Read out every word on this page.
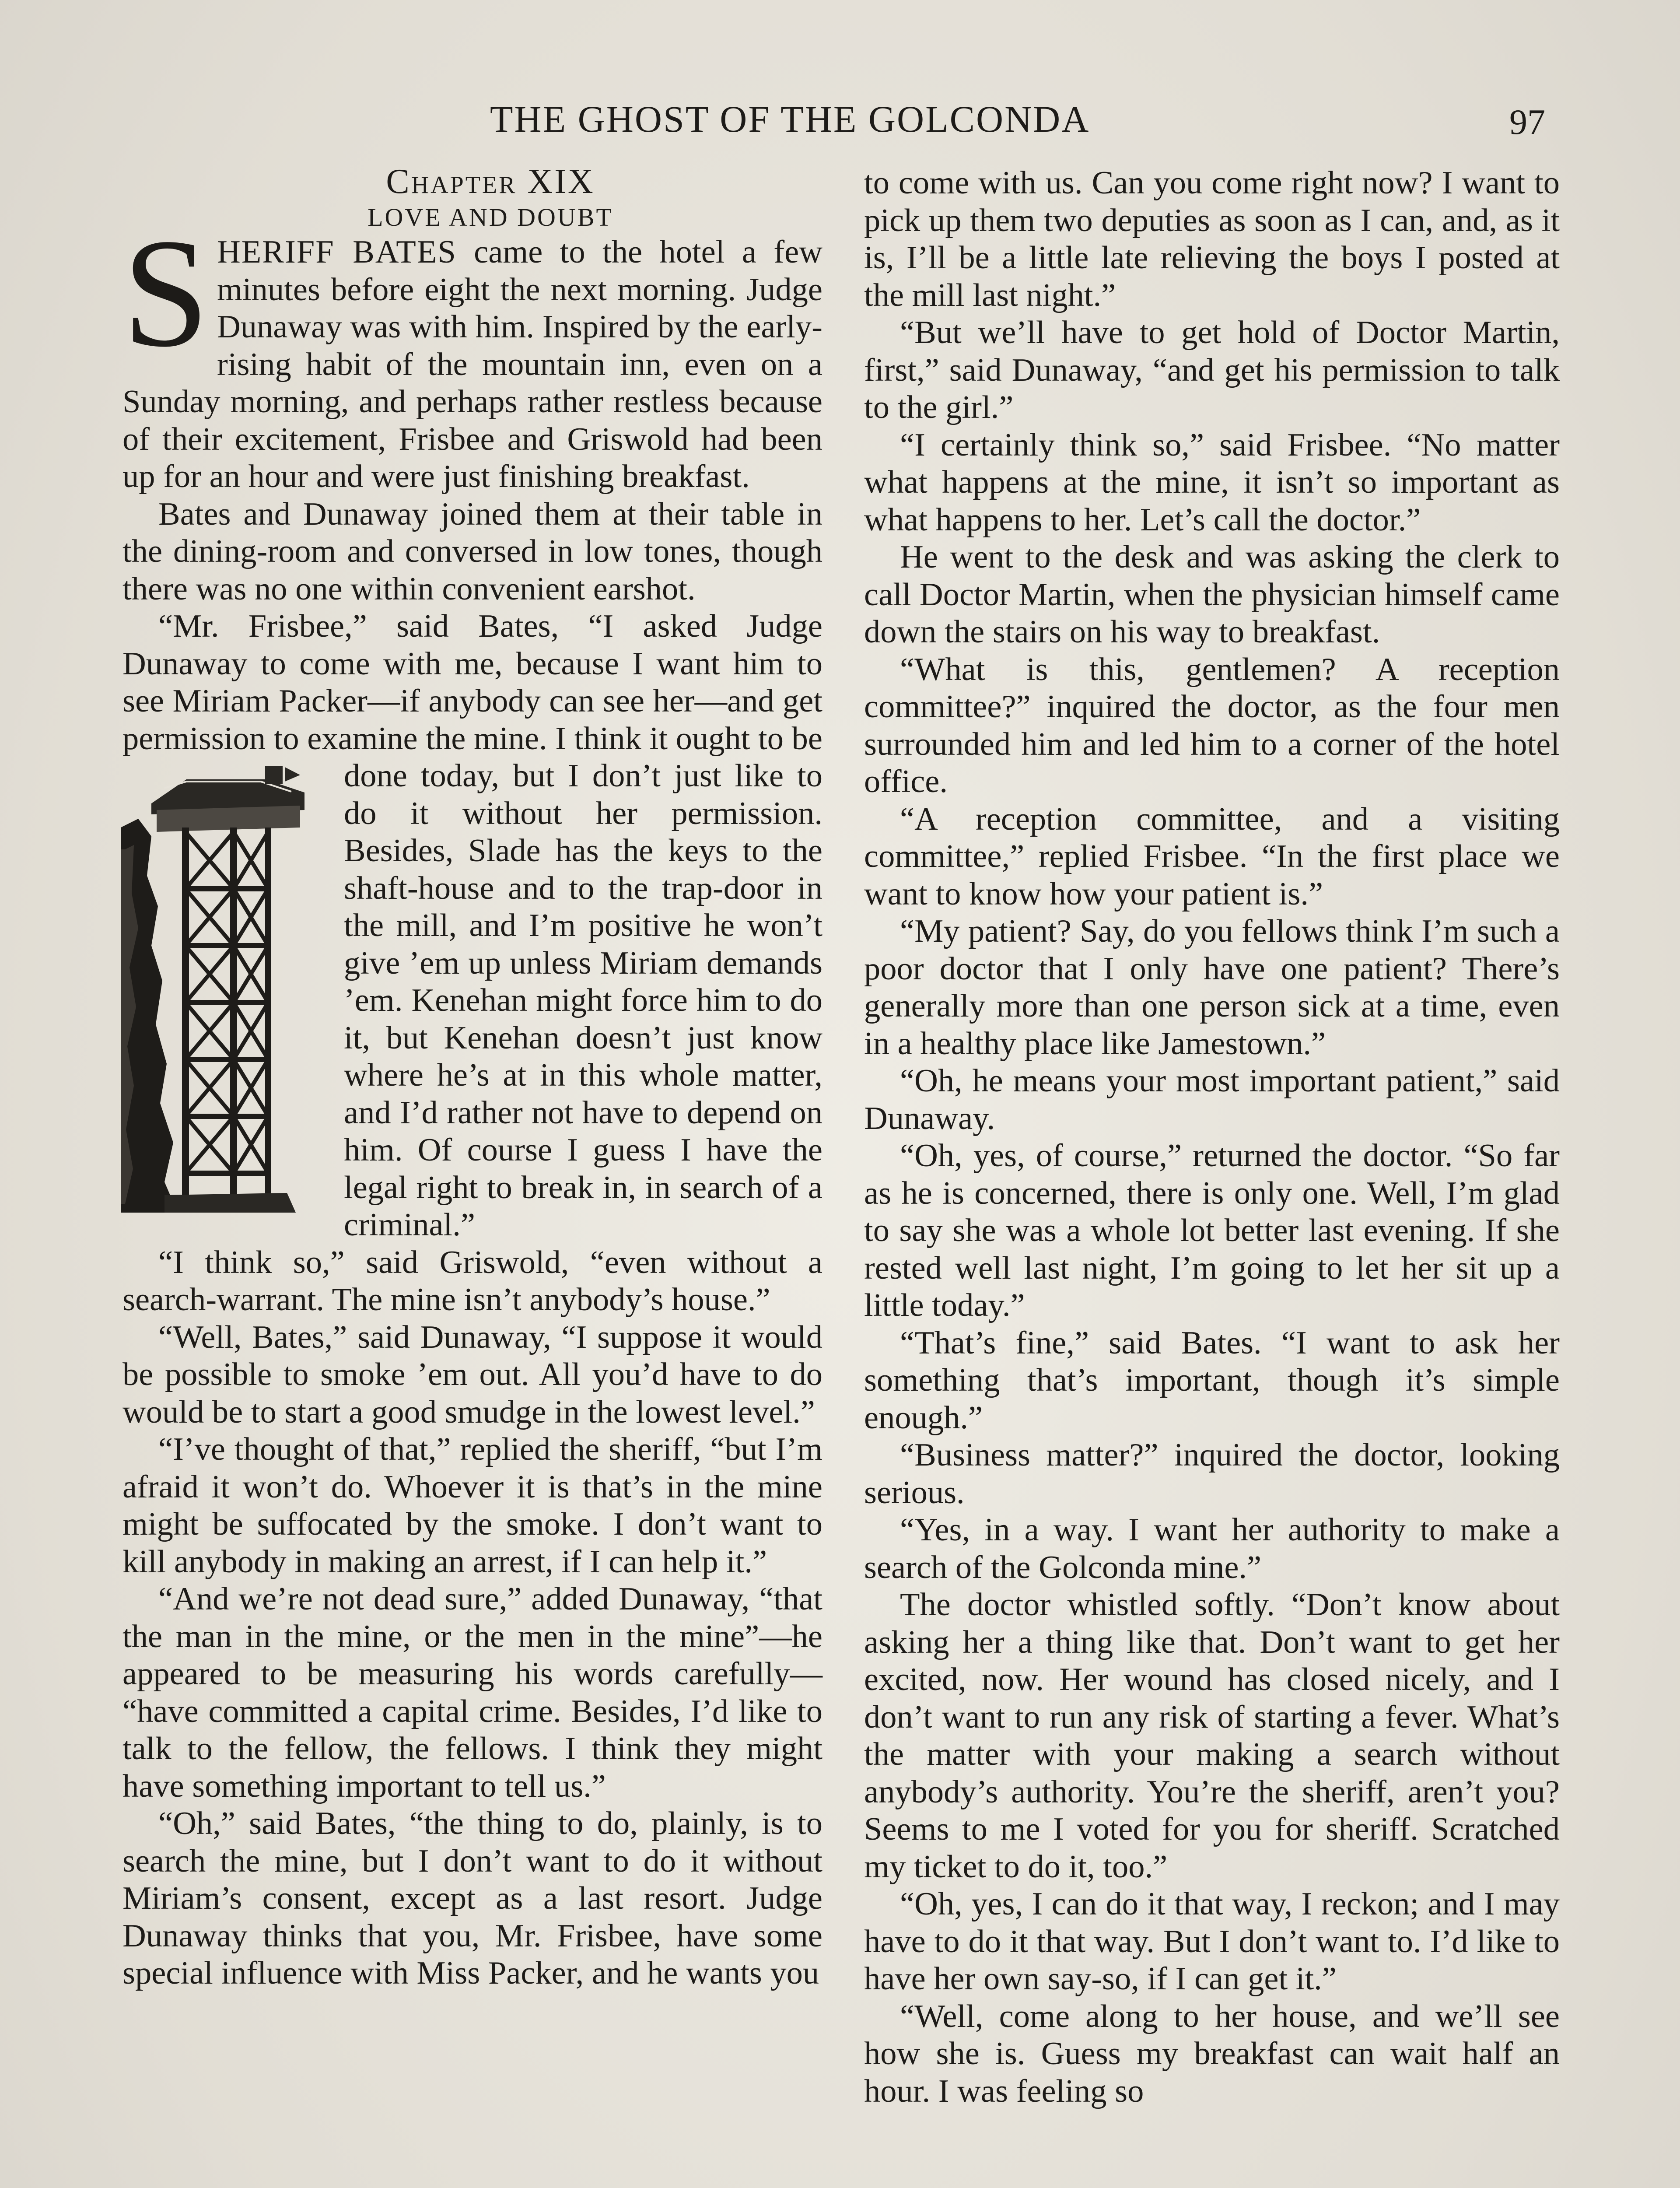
THE GHOST OF THE GOLCONDA	97

Chapter XIX

LOVE AND DOUBT

SHERIFF BATES came to the hotel a few minutes before eight the next morning. Judge Dunaway was with him. Inspired by the early-rising habit of the mountain inn, even on a Sunday morning, and perhaps rather restless because of their excitement, Frisbee and Griswold had been up for an hour and were just finishing breakfast.

Bates and Dunaway joined them at their table in the dining-room and conversed in low tones, though there was no one within convenient earshot.

“Mr. Frisbee,” said Bates, “I asked Judge Dunaway to come with me, because I want him to see Miriam Packer—if anybody can see her—and get permission to examine the mine. I think it ought to be
done today, but I don’t just like to do it without her permission. Besides, Slade has the keys to the shaft-house and to the trap-door in the mill, and I’m positive he won’t give ’em up unless Miriam demands ’em. Kenehan might force him to do it, but Kenehan doesn’t just know where he’s at in this whole matter, and I’d rather not have to depend on him. Of course I guess I have the legal right to break in, in search of a criminal.”

“I think so,” said Griswold, “even without a search-warrant. The mine isn’t anybody’s house.”

“Well, Bates,” said Dunaway, “I suppose it would be possible to smoke ’em out. All you’d have to do would be to start a good smudge in the lowest level.”

“I’ve thought of that,” replied the sheriff, “but I’m afraid it won’t do. Whoever it is that’s in the mine might be suffocated by the smoke. I don’t want to kill anybody in making an arrest, if I can help it.”

“And we’re not dead sure,” added Dunaway, “that the man in the mine, or the men in the mine”—he appeared to be measuring his words carefully— “have committed a capital crime. Besides, I’d like to talk to the fellow, the fellows. I think they might have something important to tell us.”

“Oh,” said Bates, “the thing to do, plainly, is to search the mine, but I don’t want to do it without Miriam’s consent, except as a last resort. Judge Dunaway thinks that you, Mr. Frisbee, have some special influence with Miss Packer, and he wants you

to come with us. Can you come right now? I want to pick up them two deputies as soon as I can, and, as it is, I’ll be a little late relieving the boys I posted at the mill last night.”

“But we’ll have to get hold of Doctor Martin, first,” said Dunaway, “and get his permission to talk to the girl.”

“I certainly think so,” said Frisbee. “No matter what happens at the mine, it isn’t so important as what happens to her. Let’s call the doctor.”

He went to the desk and was asking the clerk to call Doctor Martin, when the physician himself came down the stairs on his way to breakfast.

“What is this, gentlemen? A reception committee?” inquired the doctor, as the four men surrounded him and led him to a corner of the hotel office.

“A reception committee, and a visiting committee,” replied Frisbee. “In the first place we want to know how your patient is.”

“My patient? Say, do you fellows think I’m such a poor doctor that I only have one patient? There’s generally more than one person sick at a time, even in a healthy place like Jamestown.”

“Oh, he means your most important patient,” said Dunaway.

“Oh, yes, of course,” returned the doctor. “So far as he is concerned, there is only one. Well, I’m glad to say she was a whole lot better last evening. If she rested well last night, I’m going to let her sit up a little today.”

“That’s fine,” said Bates. “I want to ask her something that’s important, though it’s simple enough.”

“Business matter?” inquired the doctor, looking serious.

“Yes, in a way. I want her authority to make a search of the Golconda mine.”

The doctor whistled softly. “Don’t know about asking her a thing like that. Don’t want to get her excited, now. Her wound has closed nicely, and I don’t want to run any risk of starting a fever. What’s the matter with your making a search without anybody’s authority. You’re the sheriff, aren’t you? Seems to me I voted for you for sheriff. Scratched my ticket to do it, too.”

“Oh, yes, I can do it that way, I reckon; and I may have to do it that way. But I don’t want to. I’d like to have her own say-so, if I can get it.”

“Well, come along to her house, and we’ll see how she is. Guess my breakfast can wait half an hour. I was feeling so
